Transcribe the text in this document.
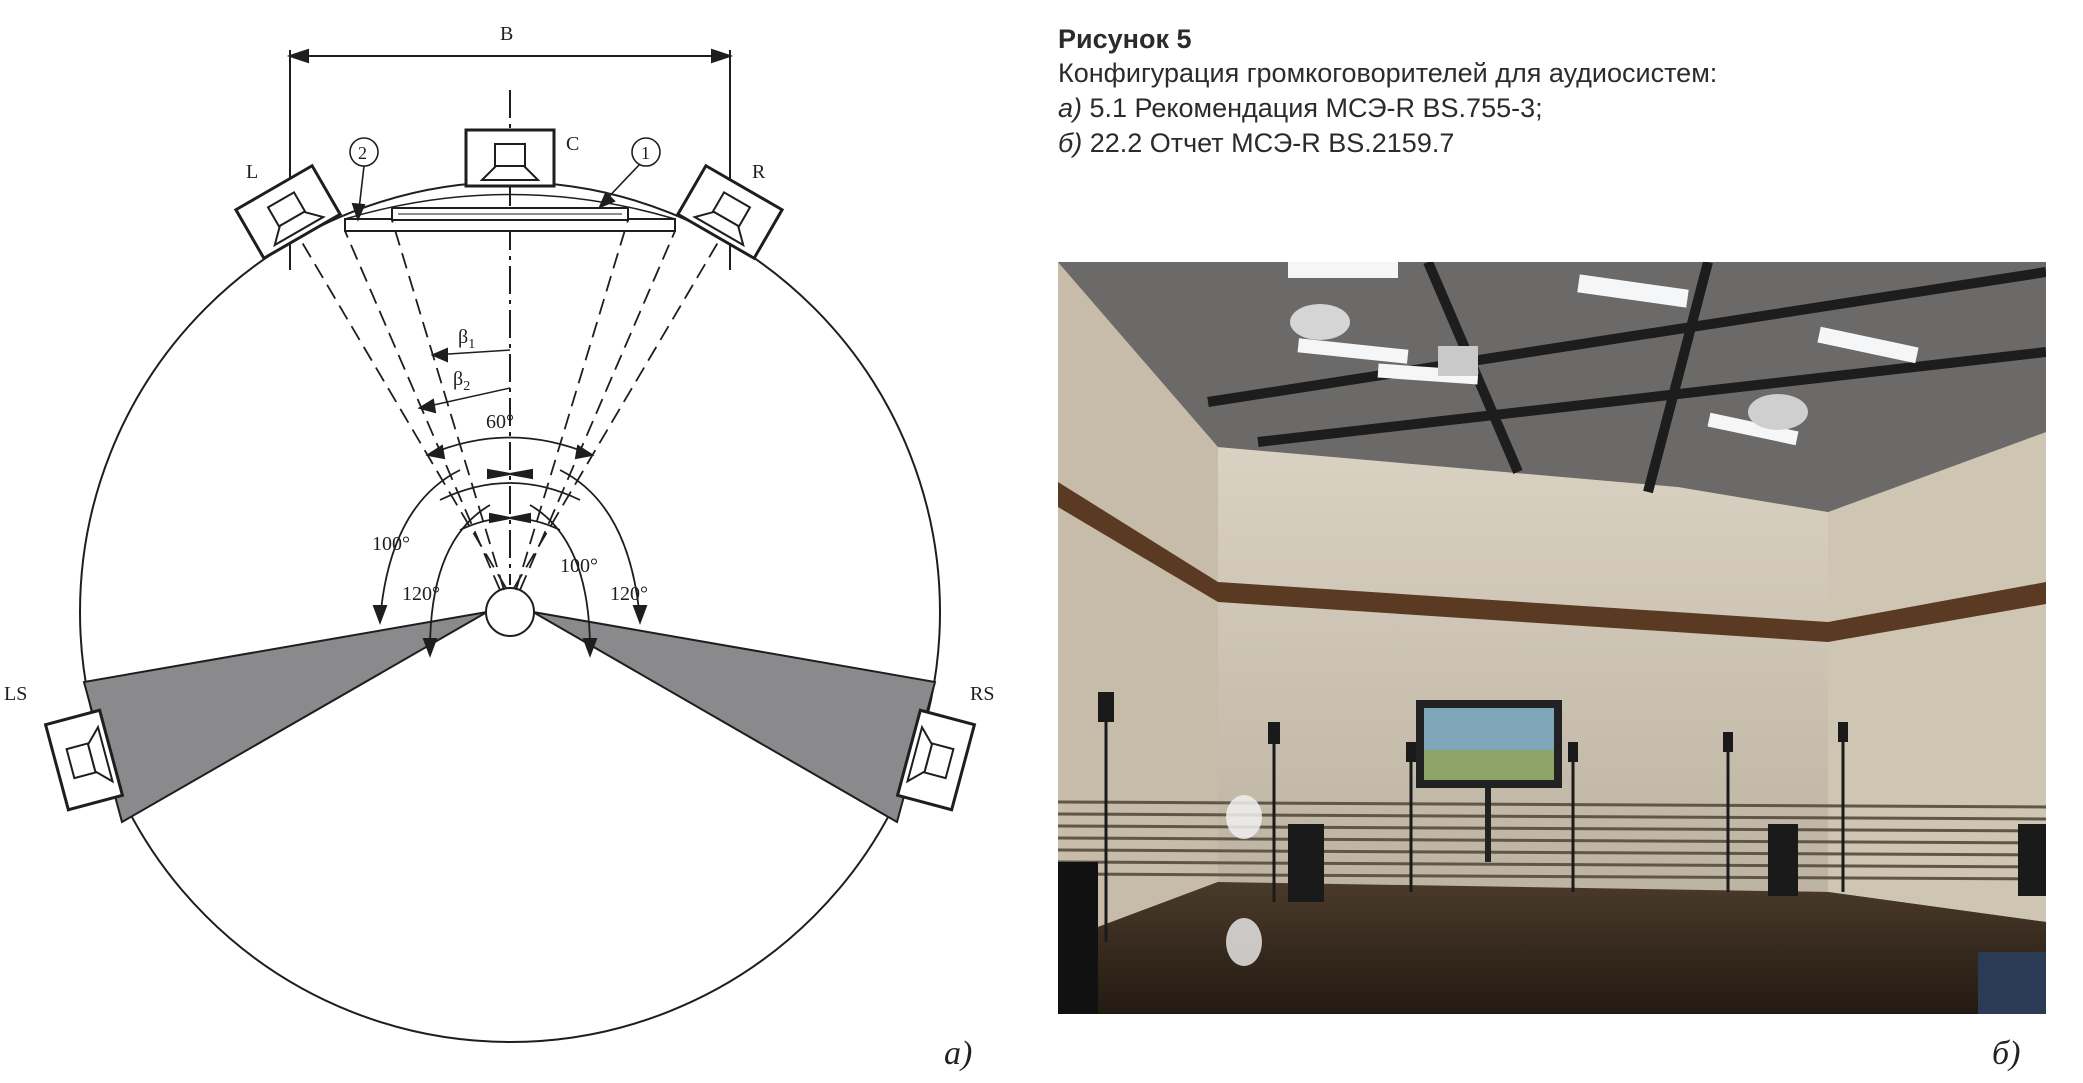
B
L
C
R
LS	RS
2	1
$\beta_1$
$\beta_2$
60°
100°
100°
120°	120°
а)
Рисунок 5
Конфигурация громкоговорителей для аудиосистем:
а) 5.1 Рекомендация МСЭ-R BS.755-3;
б) 22.2 Отчет МСЭ-R BS.2159.7
б)
